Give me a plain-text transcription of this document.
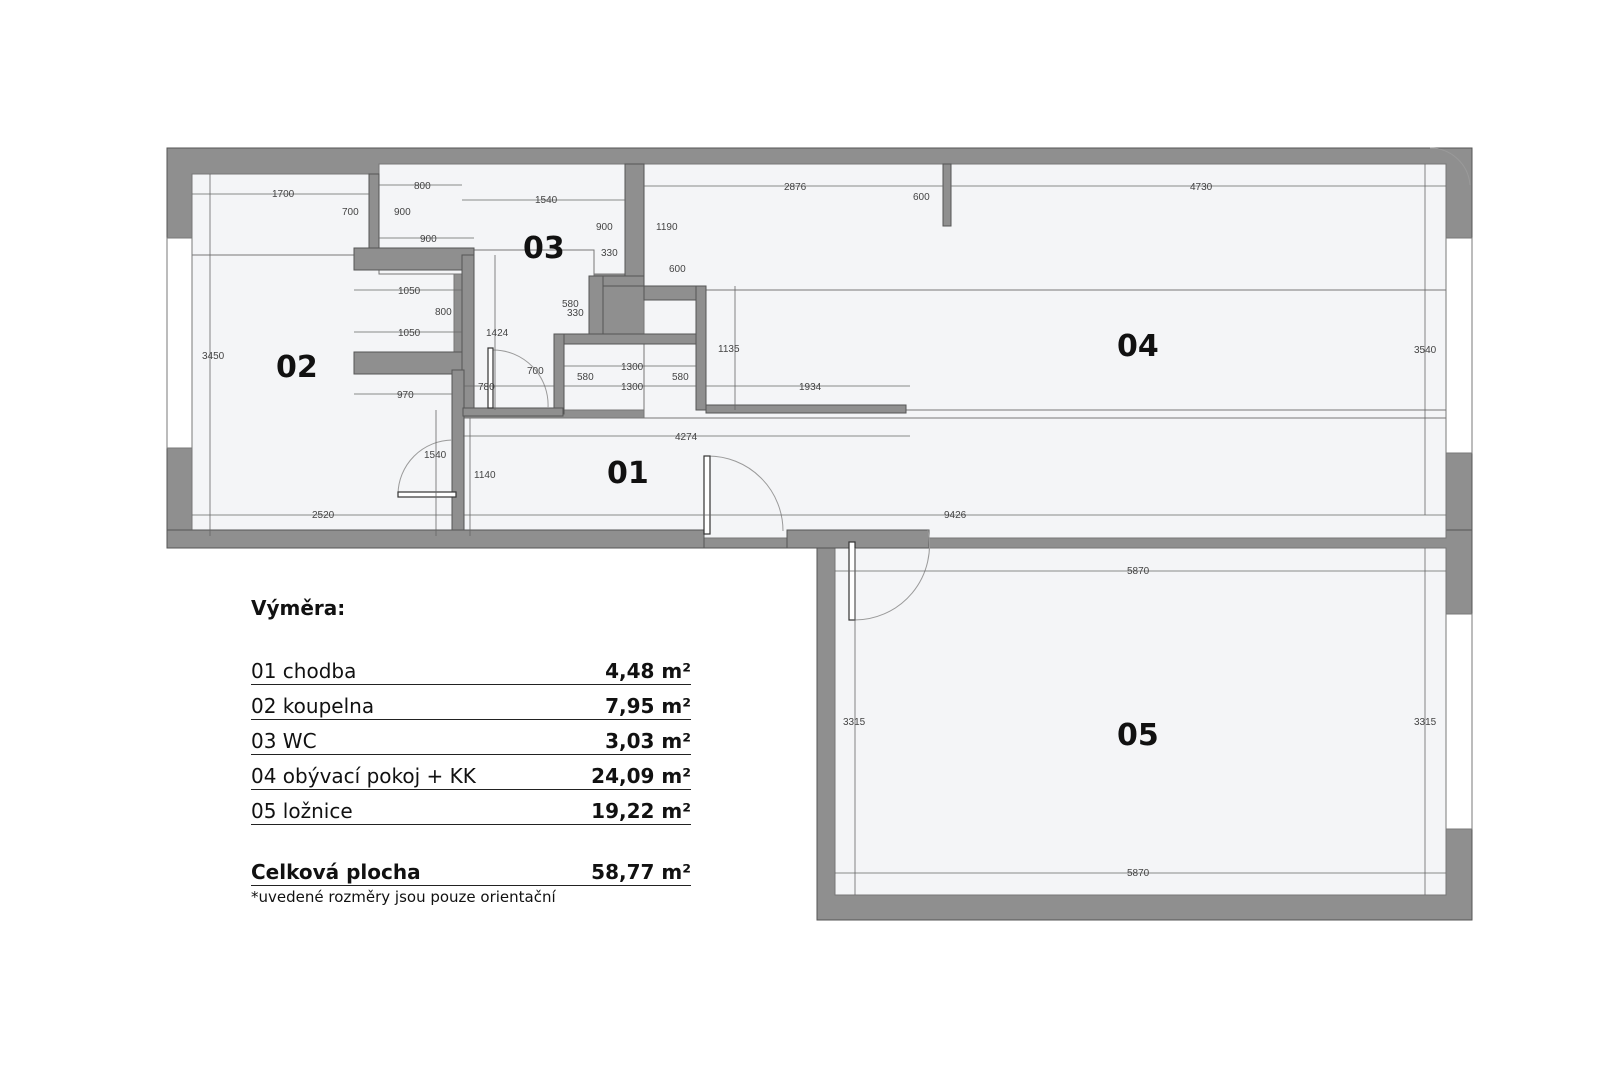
1700
700
800
900
1540
900
900
330
330
2876
600
4730
1190
600
3450
1050
800
1050	1424
580
1135	3540
700	1300
580	580
970
780	1300	1934
4274
1540
1140
2520	9426
5870
3315	3315
5870
02
03
04
01
05
Výměra:
01 chodba	4,48 m²
02 koupelna	7,95 m²
03 WC	3,03 m²
04 obývací pokoj + KK	24,09 m²
05 ložnice	19,22 m²
Celková plocha	58,77 m²
*uvedené rozměry jsou pouze orientační
